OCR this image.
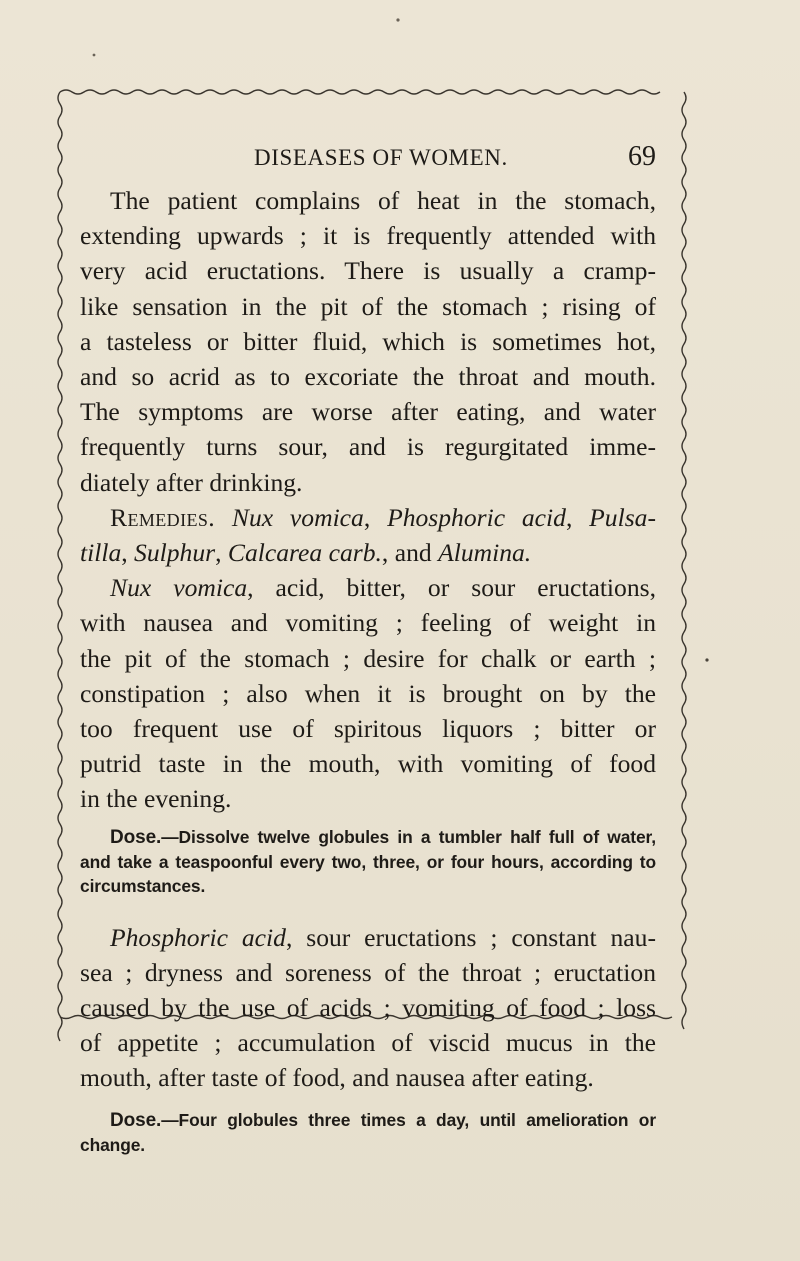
DISEASES OF WOMEN.	69

The patient complains of heat in the stomach,
extending upwards ; it is frequently attended with
very acid eructations. There is usually a cramp-
like sensation in the pit of the stomach ; rising of
a tasteless or bitter fluid, which is sometimes hot,
and so acrid as to excoriate the throat and mouth.
The symptoms are worse after eating, and water
frequently turns sour, and is regurgitated imme-
diately after drinking.

Remedies. Nux vomica, Phosphoric acid, Pulsa-
tilla, Sulphur, Calcarea carb., and Alumina.

Nux vomica, acid, bitter, or sour eructations,
with nausea and vomiting ; feeling of weight in
the pit of the stomach ; desire for chalk or earth ;
constipation ; also when it is brought on by the
too frequent use of spiritous liquors ; bitter or
putrid taste in the mouth, with vomiting of food
in the evening.

Dose.—Dissolve twelve globules in a tumbler half full of water,
and take a teaspoonful every two, three, or four hours, according to
circumstances.

Phosphoric acid, sour eructations ; constant nau-
sea ; dryness and soreness of the throat ; eructation
caused by the use of acids ; vomiting of food ; loss
of appetite ; accumulation of viscid mucus in the
mouth, after taste of food, and nausea after eating.

Dose.—Four globules three times a day, until amelioration or
change.
